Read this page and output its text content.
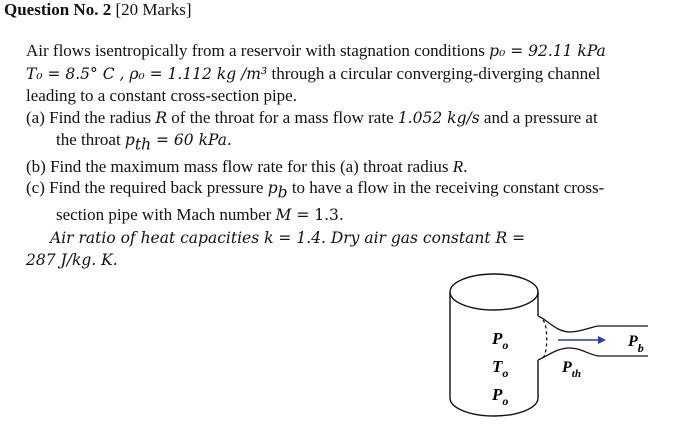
Question No. 2 [20 Marks]
Air flows isentropically from a reservoir with stagnation conditions p₀ = 92.11 kPa
T₀ = 8.5° C , ρ₀ = 1.112 kg /m³ through a circular converging-diverging channel
leading to a constant cross-section pipe.
(a) Find the radius R of the throat for a mass flow rate 1.052 kg/s and a pressure at
the throat $p_{th} = 60$ kPa.
(b) Find the maximum mass flow rate for this (a) throat radius R.
(c) Find the required back pressure $p_b$ to have a flow in the receiving constant cross-
section pipe with Mach number M = 1.3.
Air ratio of heat capacities k = 1.4. Dry air gas constant R =
287 J/kg. K.
$P_o$
$T_o$
$P_o$
$P_{th}$
$P_b$
